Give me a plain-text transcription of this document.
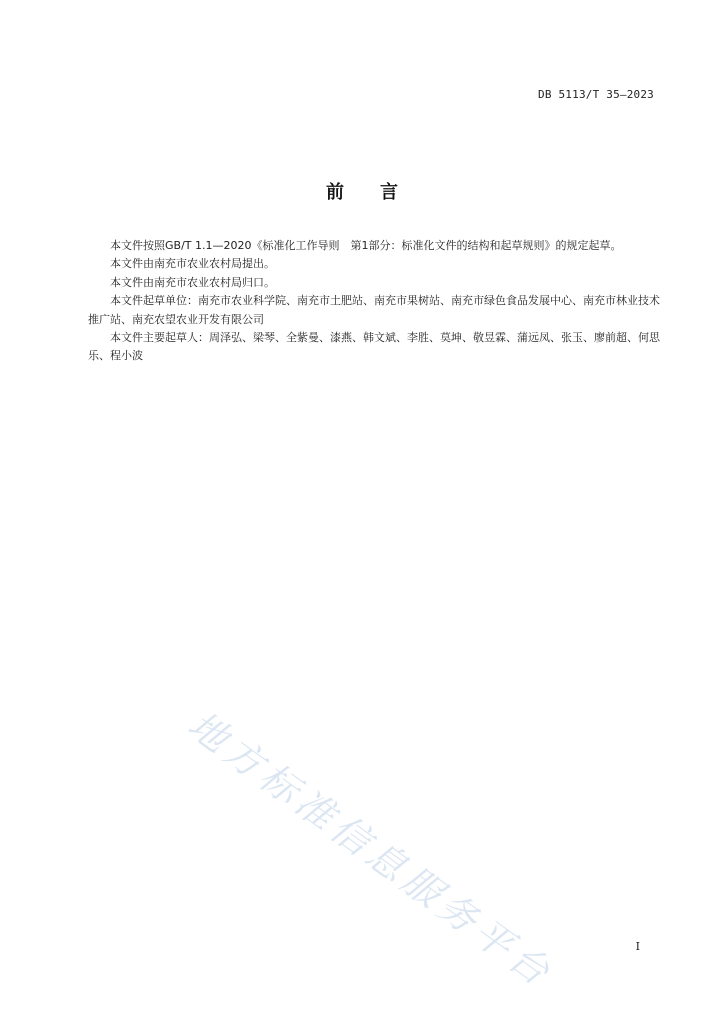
DB 5113/T 35—2023
前言

本文件按照GB/T 1.1—2020《标准化工作导则　第1部分：标准化文件的结构和起草规则》的规定起草。

本文件由南充市农业农村局提出。

本文件由南充市农业农村局归口。

本文件起草单位：南充市农业科学院、南充市土肥站、南充市果树站、南充市绿色食品发展中心、南充市林业技术推广站、南充农望农业开发有限公司

本文件主要起草人：周泽弘、梁琴、全紫曼、漆燕、韩文斌、李胜、莫坤、敬昱霖、蒲远凤、张玉、廖前超、何思乐、程小波

地方标准信息服务平台	I
